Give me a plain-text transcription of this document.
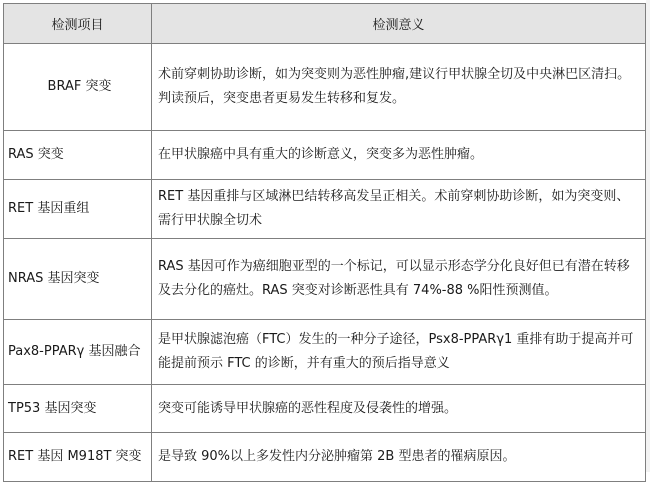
检测项目	检测意义
BRAF 突变	术前穿刺协助诊断，如为突变则为恶性肿瘤,建议行甲状腺全切及中央淋巴区清扫。判读预后，突变患者更易发生转移和复发。
RAS 突变	在甲状腺癌中具有重大的诊断意义，突变多为恶性肿瘤。
RET 基因重组	RET 基因重排与区域淋巴结转移高发呈正相关。术前穿刺协助诊断，如为突变则、需行甲状腺全切术
NRAS 基因突变	RAS 基因可作为癌细胞亚型的一个标记，可以显示形态学分化良好但已有潜在转移及去分化的癌灶。RAS 突变对诊断恶性具有 74%-88 %阳性预测值。
Pax8-PPARγ 基因融合	是甲状腺滤泡癌（FTC）发生的一种分子途径，Psx8-PPARγ1 重排有助于提高并可能提前预示 FTC 的诊断，并有重大的预后指导意义
TP53 基因突变	突变可能诱导甲状腺癌的恶性程度及侵袭性的增强。
RET 基因 M918T 突变	是导致 90%以上多发性内分泌肿瘤第 2B 型患者的罹病原因。
